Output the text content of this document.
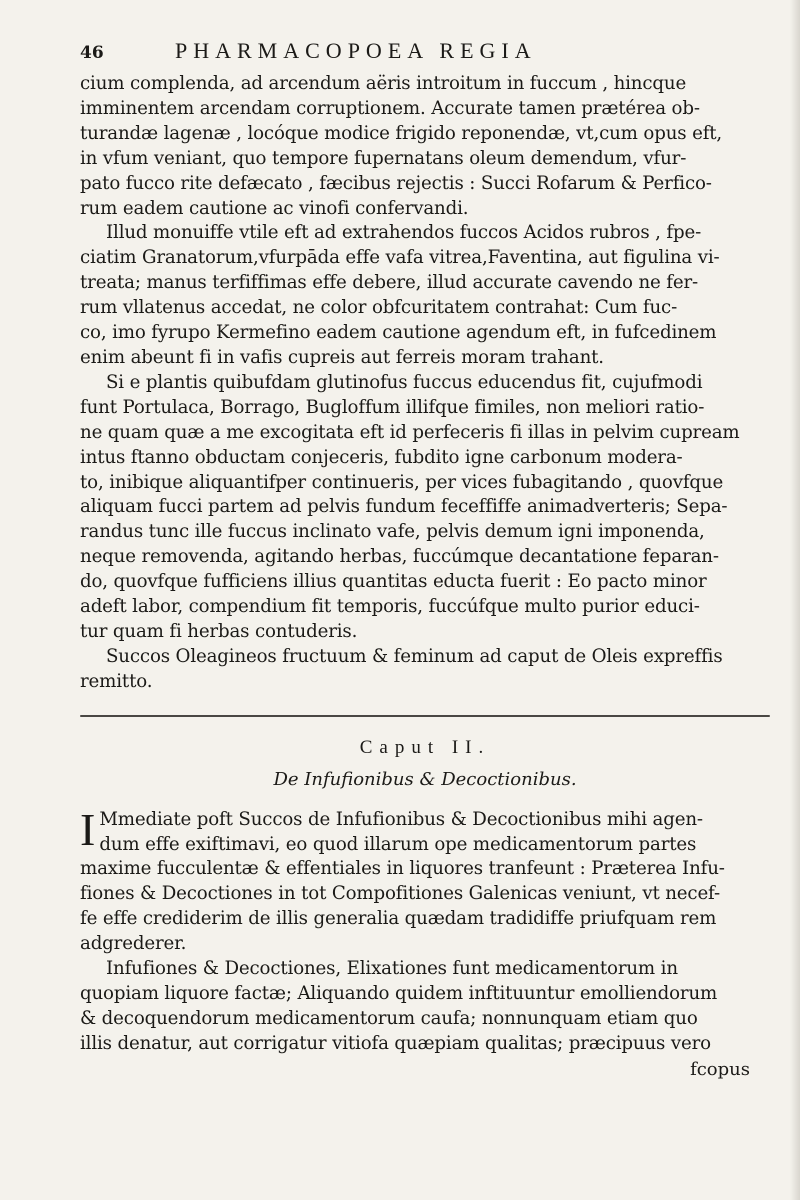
46	PHARMACOPOEA REGIA
cium complenda, ad arcendum aëris introitum in fuccum , hincque
imminentem arcendam corruptionem. Accurate tamen prætérea ob-
turandæ lagenæ , locóque modice frigido reponendæ, vt,cum opus eft,
in vfum veniant, quo tempore fupernatans oleum demendum, vfur-
pato fucco rite defæcato , fæcibus rejectis : Succi Rofarum & Perfico-
rum eadem cautione ac vinofi confervandi.
Illud monuiffe vtile eft ad extrahendos fuccos Acidos rubros , fpe-
ciatim Granatorum,vfurpāda effe vafa vitrea,Faventina, aut figulina vi-
treata; manus terfiffimas effe debere, illud accurate cavendo ne fer-
rum vllatenus accedat, ne color obfcuritatem contrahat: Cum fuc-
co, imo fyrupo Kermefino eadem cautione agendum eft, in fufcedinem
enim abeunt fi in vafis cupreis aut ferreis moram trahant.
Si e plantis quibufdam glutinofus fuccus educendus fit, cujufmodi
funt Portulaca, Borrago, Bugloffum illifque fimiles, non meliori ratio-
ne quam quæ a me excogitata eft id perfeceris fi illas in pelvim cupream
intus ftanno obductam conjeceris, fubdito igne carbonum modera-
to, inibique aliquantifper continueris, per vices fubagitando , quovfque
aliquam fucci partem ad pelvis fundum feceffiffe animadverteris; Sepa-
randus tunc ille fuccus inclinato vafe, pelvis demum igni imponenda,
neque removenda, agitando herbas, fuccúmque decantatione feparan-
do, quovfque fufficiens illius quantitas educta fuerit : Eo pacto minor
adeft labor, compendium fit temporis, fuccúfque multo purior educi-
tur quam fi herbas contuderis.
Succos Oleagineos fructuum & feminum ad caput de Oleis expreffis
remitto.
Caput II.
De Infufionibus & Decoctionibus.
I Mmediate poft Succos de Infufionibus & Decoctionibus mihi agen-
dum effe exiftimavi, eo quod illarum ope medicamentorum partes
maxime fucculentæ & effentiales in liquores tranfeunt : Præterea Infu-
fiones & Decoctiones in tot Compofitiones Galenicas veniunt, vt necef-
fe effe crediderim de illis generalia quædam tradidiffe priufquam rem
adgrederer.
Infufiones & Decoctiones, Elixationes funt medicamentorum in
quopiam liquore factæ; Aliquando quidem inftituuntur emolliendorum
& decoquendorum medicamentorum caufa; nonnunquam etiam quo
illis denatur, aut corrigatur vitiofa quæpiam qualitas; præcipuus vero
fcopus
